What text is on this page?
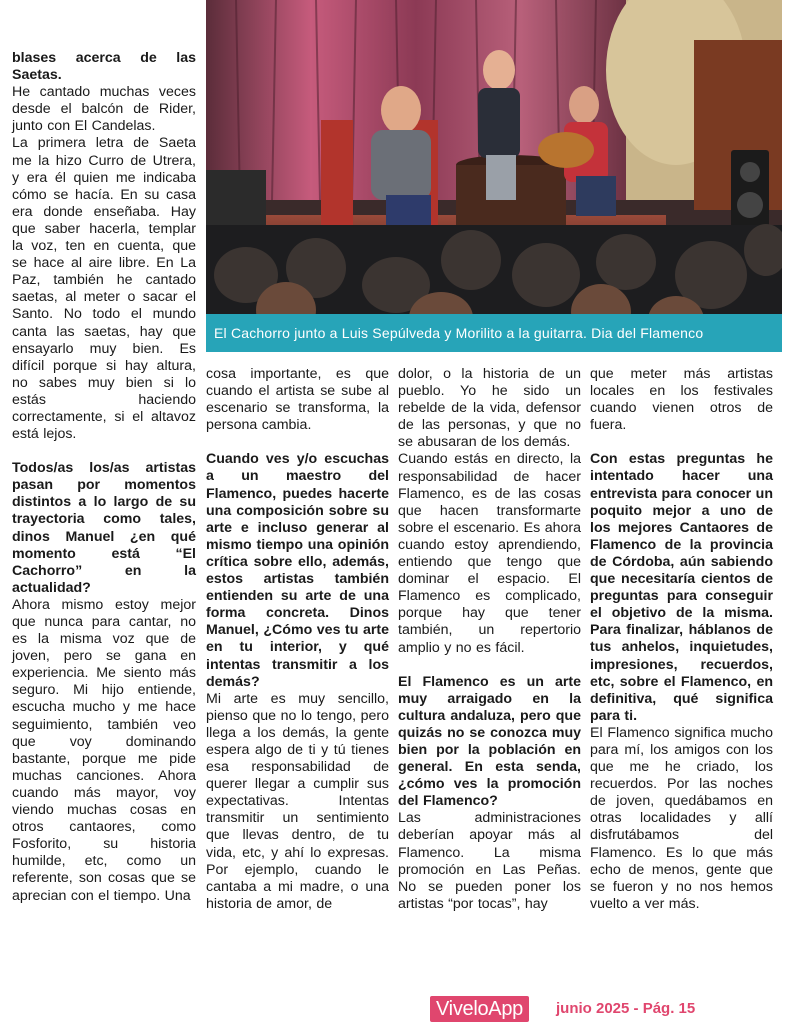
blases acerca de las Saetas.

He cantado muchas veces desde el balcón de Rider, junto con El Candelas.

La primera letra de Saeta me la hizo Curro de Utrera, y era él quien me indicaba cómo se hacía. En su casa era donde enseñaba. Hay que saber hacerla, templar la voz, ten en cuenta, que se hace al aire libre. En La Paz, también he cantado saetas, al meter o sacar el Santo. No todo el mundo canta las saetas, hay que ensayarlo muy bien. Es difícil porque si hay altura, no sabes muy bien si lo estás haciendo correctamente, si el altavoz está lejos.

Todos/as los/as artistas pasan por momentos distintos a lo largo de su trayectoria como tales, dinos Manuel ¿en qué momento está “El Cachorro” en la actualidad?

Ahora mismo estoy mejor que nunca para cantar, no es la misma voz que de joven, pero se gana en experiencia. Me siento más seguro. Mi hijo entiende, escucha mucho y me hace seguimiento, también veo que voy dominando bastante, porque me pide muchas canciones. Ahora cuando más mayor, voy viendo muchas cosas en otros cantaores, como Fosforito, su historia humilde, etc, como un referente, son cosas que se aprecian con el tiempo. Una

El Cachorro junto a Luis Sepúlveda y Morilito a la guitarra. Dia del Flamenco

cosa importante, es que cuando el artista se sube al escenario se transforma, la persona cambia.

Cuando ves y/o escuchas a un maestro del Flamenco, puedes hacerte una composición sobre su arte e incluso generar al mismo tiempo una opinión crítica sobre ello, además, estos artistas también entienden su arte de una forma concreta. Dinos Manuel, ¿Cómo ves tu arte en tu interior, y qué intentas transmitir a los demás?

Mi arte es muy sencillo, pienso que no lo tengo, pero llega a los demás, la gente espera algo de ti y tú tienes esa responsabilidad de querer llegar a cumplir sus expectativas. Intentas transmitir un sentimiento que llevas dentro, de tu vida, etc, y ahí lo expresas. Por ejemplo, cuando le cantaba a mi madre, o una historia de amor, de

dolor, o la historia de un pueblo. Yo he sido un rebelde de la vida, defensor de las personas, y que no se abusaran de los demás.

Cuando estás en directo, la responsabilidad de hacer Flamenco, es de las cosas que hacen transformarte sobre el escenario. Es ahora cuando estoy aprendiendo, entiendo que tengo que dominar el espacio. El Flamenco es complicado, porque hay que tener también, un repertorio amplio y no es fácil.

El Flamenco es un arte muy arraigado en la cultura andaluza, pero que quizás no se conozca muy bien por la población en general. En esta senda, ¿cómo ves la promoción del Flamenco?

Las administraciones deberían apoyar más al Flamenco. La misma promoción en Las Peñas. No se pueden poner los artistas “por tocas”, hay

que meter más artistas locales en los festivales cuando vienen otros de fuera.

Con estas preguntas he intentado hacer una entrevista para conocer un poquito mejor a uno de los mejores Cantaores de Flamenco de la provincia de Córdoba, aún sabiendo que necesitaría cientos de preguntas para conseguir el objetivo de la misma. Para finalizar, háblanos de tus anhelos, inquietudes, impresiones, recuerdos, etc, sobre el Flamenco, en definitiva, qué significa para ti.

El Flamenco significa mucho para mí, los amigos con los que me he criado, los recuerdos. Por las noches de joven, quedábamos en otras localidades y allí disfrutábamos del Flamenco. Es lo que más echo de menos, gente que se fueron y no nos hemos vuelto a ver más.

ViveloApp	junio 2025 - Pág. 15
